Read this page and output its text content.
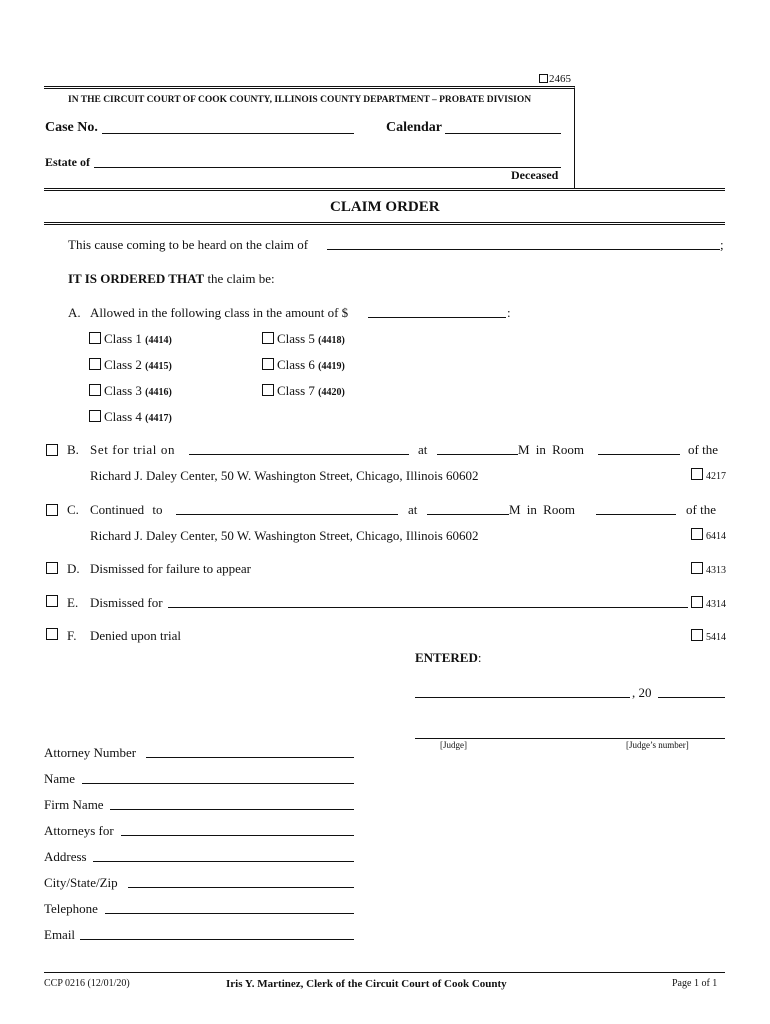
2465
IN THE CIRCUIT COURT OF COOK COUNTY, ILLINOIS COUNTY DEPARTMENT – PROBATE DIVISION
Case No.	Calendar
Estate of
Deceased
CLAIM ORDER
This cause coming to be heard on the claim of	;
IT IS ORDERED THAT the claim be:
A. Allowed in the following class in the amount of $	:
Class 1 (4414)
Class 2 (4415)
Class 3 (4416)
Class 4 (4417)
Class 5 (4418)
Class 6 (4419)
Class 7 (4420)
B. Set for trial on	at	M in Room	of the
Richard J. Daley Center, 50 W. Washington Street, Chicago, Illinois 60602	4217
C. Continued to	at	M in Room	of the
Richard J. Daley Center, 50 W. Washington Street, Chicago, Illinois 60602	6414
D. Dismissed for failure to appear	4313
E. Dismissed for	4314
F. Denied upon trial	5414
ENTERED:
, 20
[Judge]	[Judge’s number]
Attorney Number
Name
Firm Name
Attorneys for
Address
City/State/Zip
Telephone
Email
CCP 0216 (12/01/20)	Iris Y. Martinez, Clerk of the Circuit Court of Cook County	Page 1 of 1
